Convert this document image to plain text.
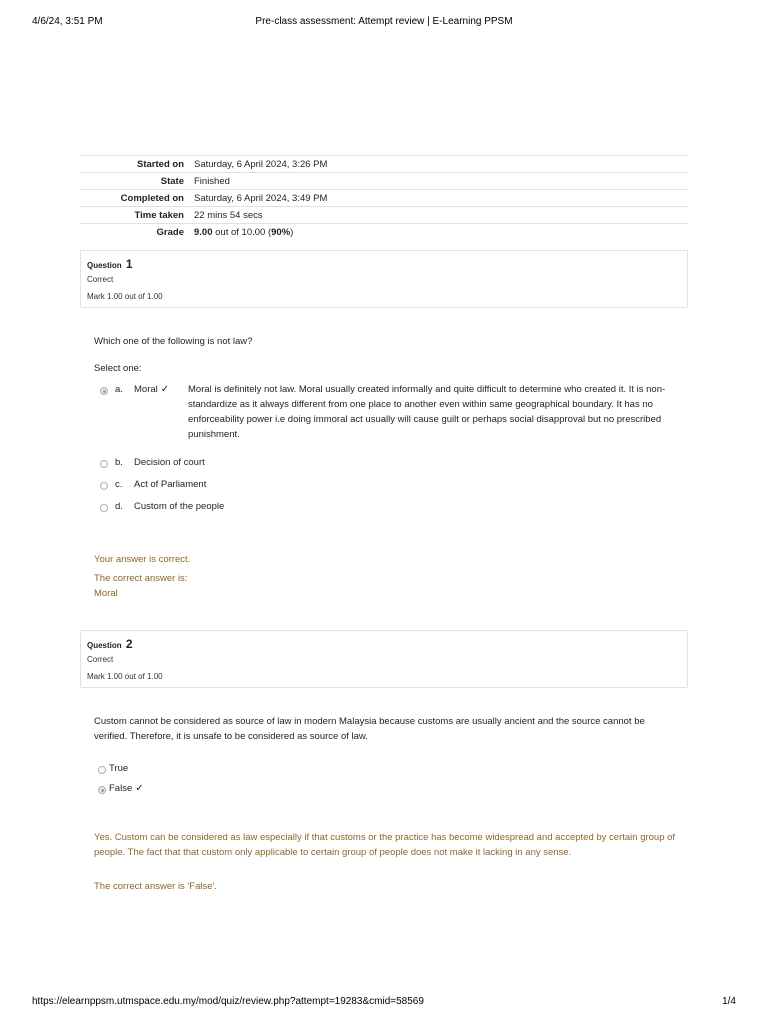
4/6/24, 3:51 PM	Pre-class assessment: Attempt review | E-Learning PPSM
Started on	Saturday, 6 April 2024, 3:26 PM
State	Finished
Completed on	Saturday, 6 April 2024, 3:49 PM
Time taken	22 mins 54 secs
Grade	9.00 out of 10.00 (90%)
Question 1
Correct
Mark 1.00 out of 1.00
Which one of the following is not law?
Select one:
a. Moral ✓ Moral is definitely not law. Moral usually created informally and quite difficult to determine who created it. It is non-standardize as it always different from one place to another even within same geographical boundary. It has no enforceability power i.e doing immoral act usually will cause guilt or perhaps social disapproval but no prescribed punishment.
b. Decision of court
c. Act of Parliament
d. Custom of the people
Your answer is correct.
The correct answer is:
Moral
Question 2
Correct
Mark 1.00 out of 1.00
Custom cannot be considered as source of law in modern Malaysia because customs are usually ancient and the source cannot be verified. Therefore, it is unsafe to be considered as source of law.
True
False ✓
Yes. Custom can be considered as law especially if that customs or the practice has become widespread and accepted by certain group of people. The fact that that custom only applicable to certain group of people does not make it lacking in any sense.
The correct answer is 'False'.
https://elearnppsm.utmspace.edu.my/mod/quiz/review.php?attempt=19283&cmid=58569	1/4
